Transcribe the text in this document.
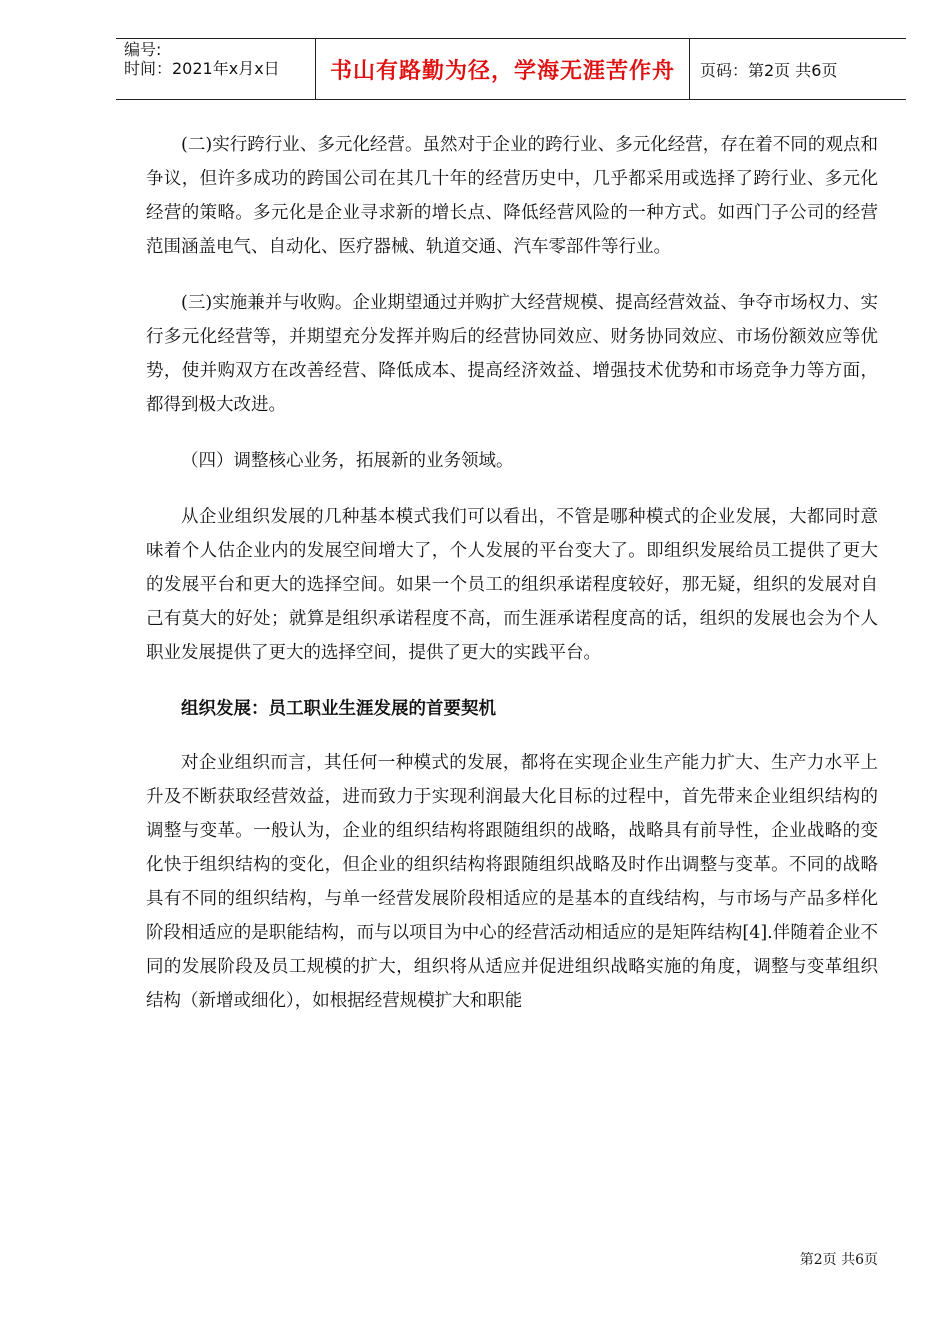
编号:
时间：2021年x月x日	书山有路勤为径，学海无涯苦作舟	页码：第2页 共6页

(二)实行跨行业、多元化经营。虽然对于企业的跨行业、多元化经营，存在着不同的观点和争议，但许多成功的跨国公司在其几十年的经营历史中，几乎都采用或选择了跨行业、多元化经营的策略。多元化是企业寻求新的增长点、降低经营风险的一种方式。如西门子公司的经营范围涵盖电气、自动化、医疗器械、轨道交通、汽车零部件等行业。

(三)实施兼并与收购。企业期望通过并购扩大经营规模、提高经营效益、争夺市场权力、实行多元化经营等，并期望充分发挥并购后的经营协同效应、财务协同效应、市场份额效应等优势，使并购双方在改善经营、降低成本、提高经济效益、增强技术优势和市场竞争力等方面，都得到极大改进。

（四）调整核心业务，拓展新的业务领域。

从企业组织发展的几种基本模式我们可以看出，不管是哪种模式的企业发展，大都同时意味着个人估企业内的发展空间增大了，个人发展的平台变大了。即组织发展给员工提供了更大的发展平台和更大的选择空间。如果一个员工的组织承诺程度较好，那无疑，组织的发展对自己有莫大的好处；就算是组织承诺程度不高，而生涯承诺程度高的话，组织的发展也会为个人职业发展提供了更大的选择空间，提供了更大的实践平台。

组织发展：员工职业生涯发展的首要契机

对企业组织而言，其任何一种模式的发展，都将在实现企业生产能力扩大、生产力水平上升及不断获取经营效益，进而致力于实现利润最大化目标的过程中，首先带来企业组织结构的调整与变革。一般认为，企业的组织结构将跟随组织的战略，战略具有前导性，企业战略的变化快于组织结构的变化，但企业的组织结构将跟随组织战略及时作出调整与变革。不同的战略具有不同的组织结构，与单一经营发展阶段相适应的是基本的直线结构，与市场与产品多样化阶段相适应的是职能结构，而与以项目为中心的经营活动相适应的是矩阵结构[4].伴随着企业不同的发展阶段及员工规模的扩大，组织将从适应并促进组织战略实施的角度，调整与变革组织结构（新增或细化），如根据经营规模扩大和职能

第2页 共6页
